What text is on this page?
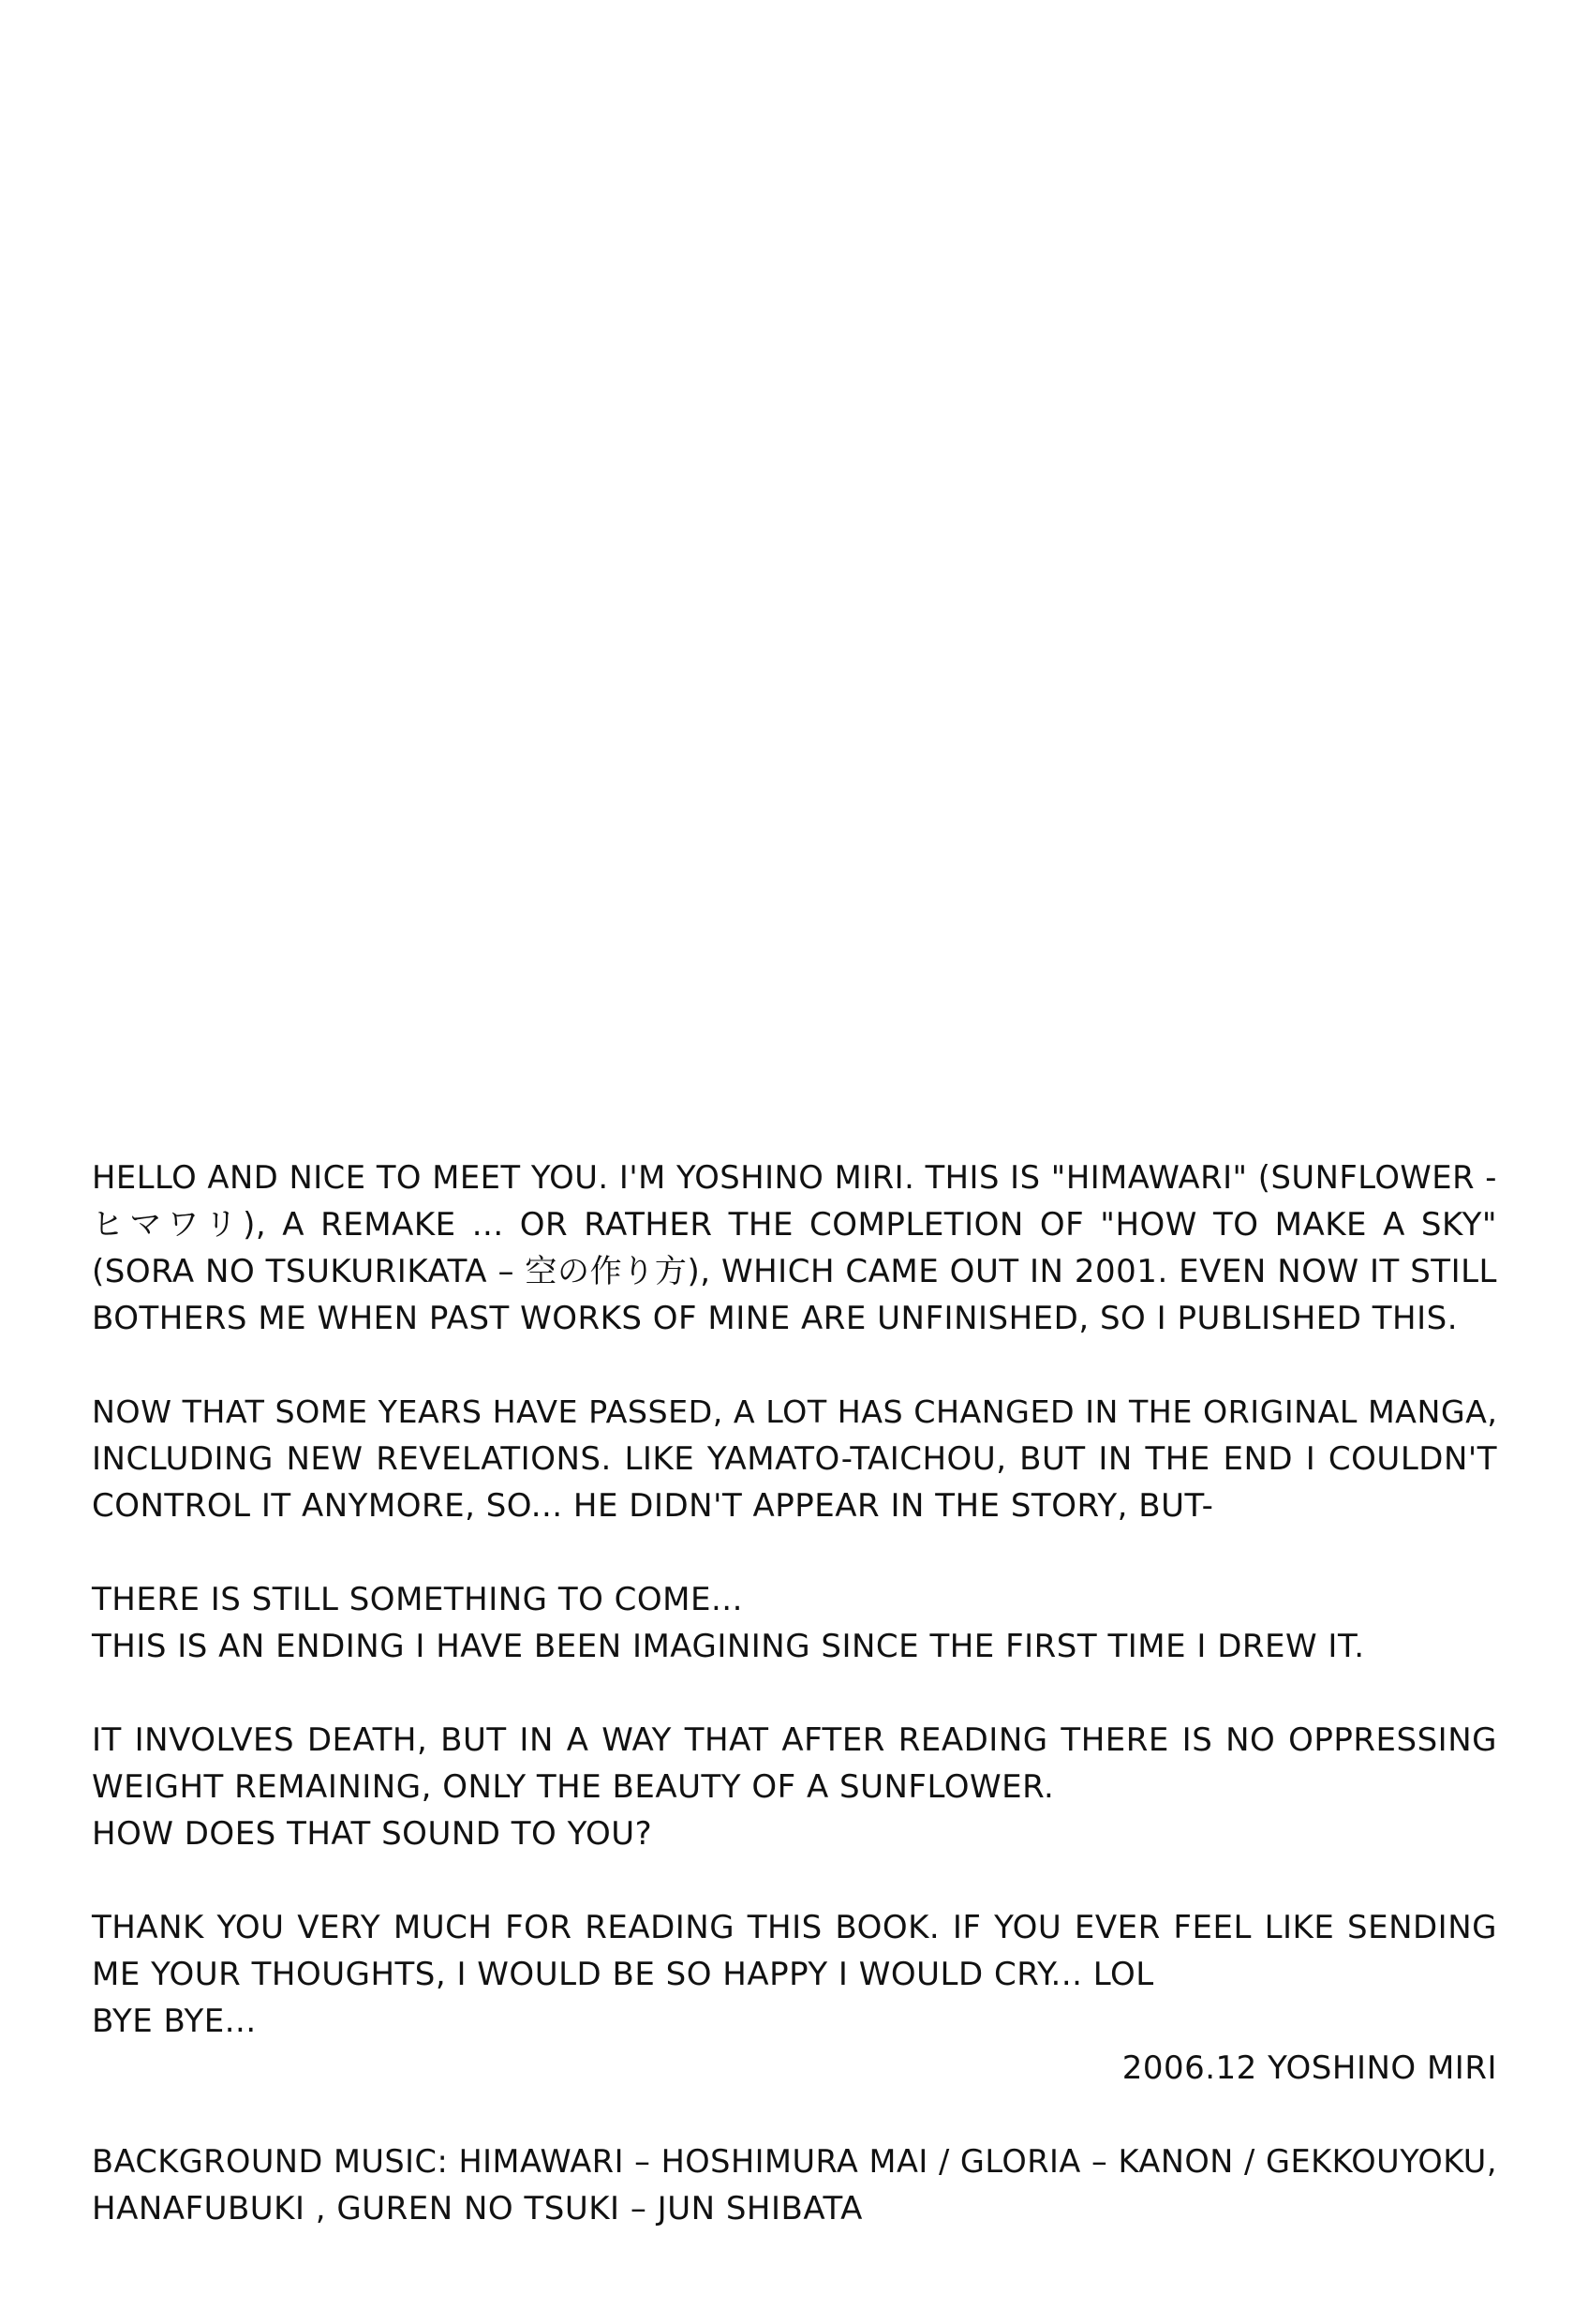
HELLO AND NICE TO MEET YOU. I'M YOSHINO MIRI. THIS IS "HIMAWARI" (SUNFLOWER -
ヒマワリ), A REMAKE ... OR RATHER THE COMPLETION OF "HOW TO MAKE A SKY"
(SORA NO TSUKURIKATA – 空の作り方), WHICH CAME OUT IN 2001. EVEN NOW IT STILL
BOTHERS ME WHEN PAST WORKS OF MINE ARE UNFINISHED, SO I PUBLISHED THIS.
NOW THAT SOME YEARS HAVE PASSED, A LOT HAS CHANGED IN THE ORIGINAL MANGA,
INCLUDING NEW REVELATIONS. LIKE YAMATO-TAICHOU, BUT IN THE END I COULDN'T
CONTROL IT ANYMORE, SO... HE DIDN'T APPEAR IN THE STORY, BUT-
THERE IS STILL SOMETHING TO COME...
THIS IS AN ENDING I HAVE BEEN IMAGINING SINCE THE FIRST TIME I DREW IT.
IT INVOLVES DEATH, BUT IN A WAY THAT AFTER READING THERE IS NO OPPRESSING
WEIGHT REMAINING, ONLY THE BEAUTY OF A SUNFLOWER.
HOW DOES THAT SOUND TO YOU?
THANK YOU VERY MUCH FOR READING THIS BOOK. IF YOU EVER FEEL LIKE SENDING
ME YOUR THOUGHTS, I WOULD BE SO HAPPY I WOULD CRY... LOL
BYE BYE...
2006.12 YOSHINO MIRI
BACKGROUND MUSIC: HIMAWARI – HOSHIMURA MAI / GLORIA – KANON / GEKKOUYOKU,
HANAFUBUKI , GUREN NO TSUKI – JUN SHIBATA
